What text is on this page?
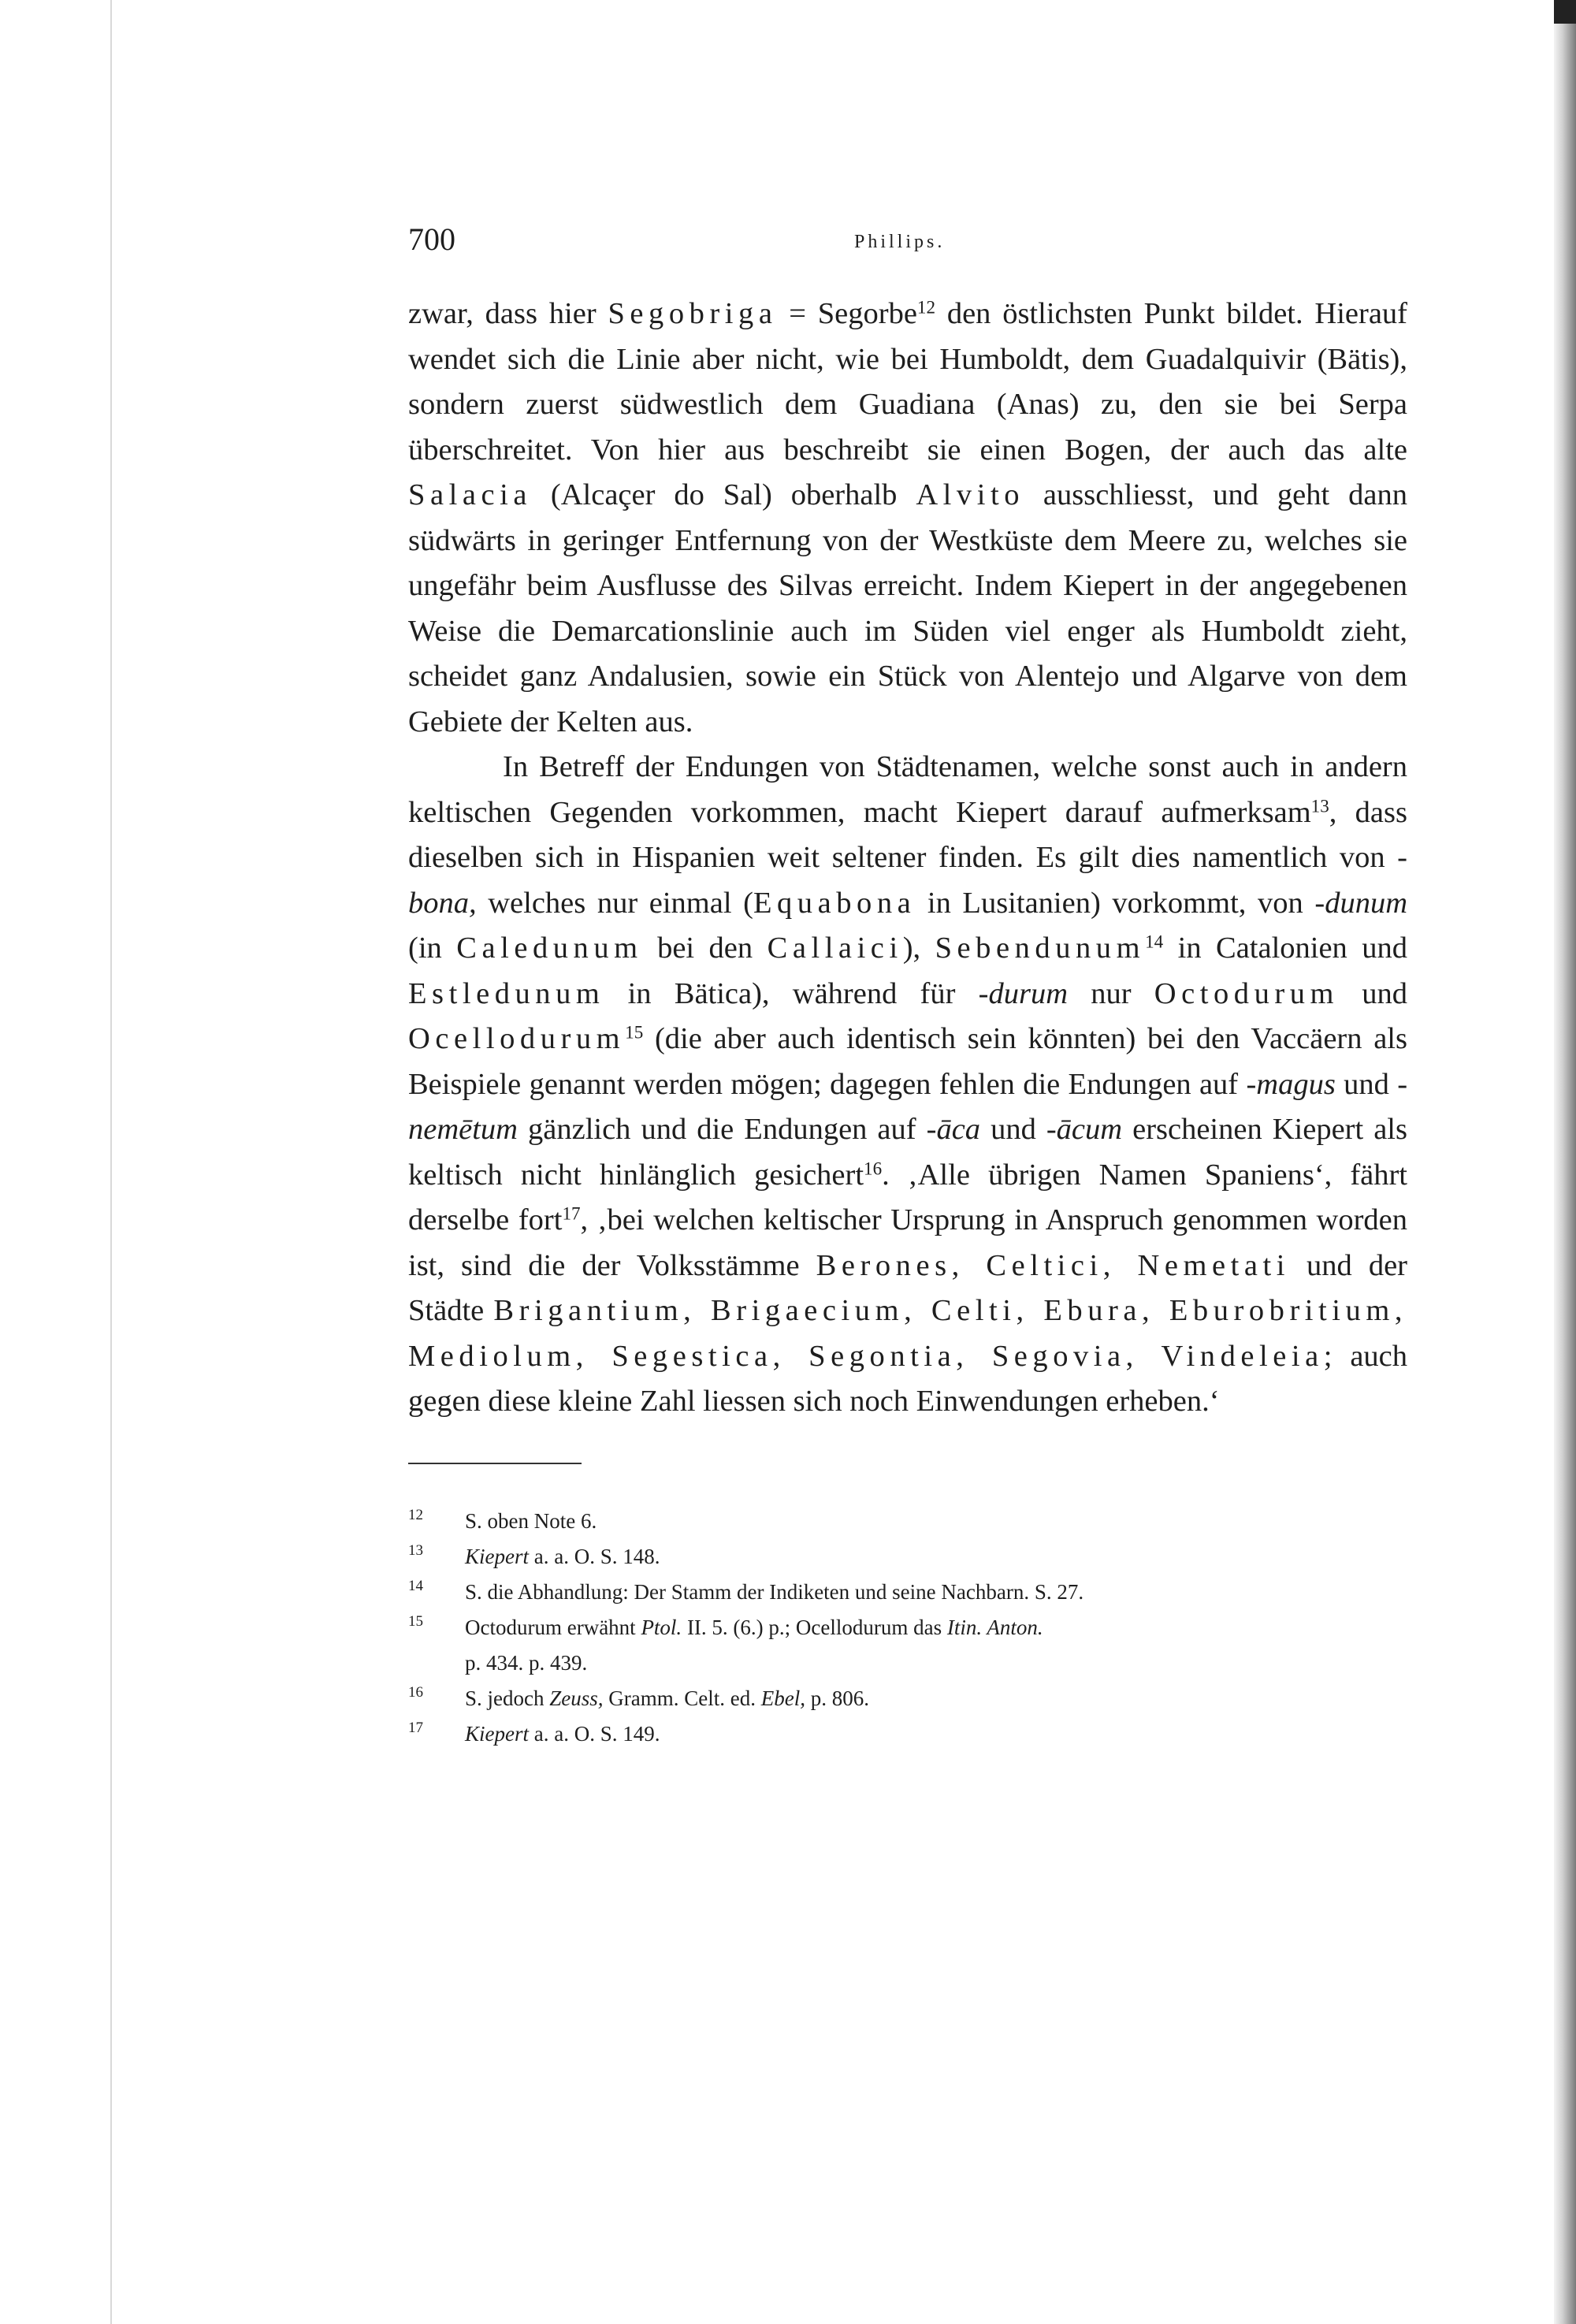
700	Phillips.

zwar, dass hier Segobriga = Segorbe$^{12}$ den östlichsten Punkt bildet. Hierauf wendet sich die Linie aber nicht, wie bei Humboldt, dem Guadalquivir (Bätis), sondern zuerst südwestlich dem Guadiana (Anas) zu, den sie bei Serpa überschreitet. Von hier aus beschreibt sie einen Bogen, der auch das alte Salacia (Alcaçer do Sal) oberhalb Alvito ausschliesst, und geht dann südwärts in geringer Entfernung von der Westküste dem Meere zu, welches sie ungefähr beim Ausflusse des Silvas erreicht. Indem Kiepert in der angegebenen Weise die Demarcationslinie auch im Süden viel enger als Humboldt zieht, scheidet ganz Andalusien, sowie ein Stück von Alentejo und Algarve von dem Gebiete der Kelten aus.

In Betreff der Endungen von Städtenamen, welche sonst auch in andern keltischen Gegenden vorkommen, macht Kiepert darauf aufmerksam$^{13}$, dass dieselben sich in Hispanien weit seltener finden. Es gilt dies namentlich von -bona, welches nur einmal (Equabona in Lusitanien) vorkommt, von -dunum (in Caledunum bei den Callaici), Sebendunum$^{14}$ in Catalonien und Estledunum in Bätica), während für -durum nur Octodurum und Ocellodurum$^{15}$ (die aber auch identisch sein könnten) bei den Vaccäern als Beispiele genannt werden mögen; dagegen fehlen die Endungen auf -magus und -nemētum gänzlich und die Endungen auf -āca und -ācum erscheinen Kiepert als keltisch nicht hinlänglich gesichert$^{16}$. ‚Alle übrigen Namen Spaniens‘, fährt derselbe fort$^{17}$, ‚bei welchen keltischer Ursprung in Anspruch genommen worden ist, sind die der Volksstämme Berones, Celtici, Nemetati und der Städte Brigantium, Brigaecium, Celti, Ebura, Eburobritium, Mediolum, Segestica, Segontia, Segovia, Vindeleia; auch gegen diese kleine Zahl liessen sich noch Einwendungen erheben.‘

12 S. oben Note 6.
13 Kiepert a. a. O. S. 148.
14 S. die Abhandlung: Der Stamm der Indiketen und seine Nachbarn. S. 27.
15 Octodurum erwähnt Ptol. II. 5. (6.) p.; Ocellodurum das Itin. Anton.
p. 434. p. 439.
16 S. jedoch Zeuss, Gramm. Celt. ed. Ebel, p. 806.
17 Kiepert a. a. O. S. 149.
